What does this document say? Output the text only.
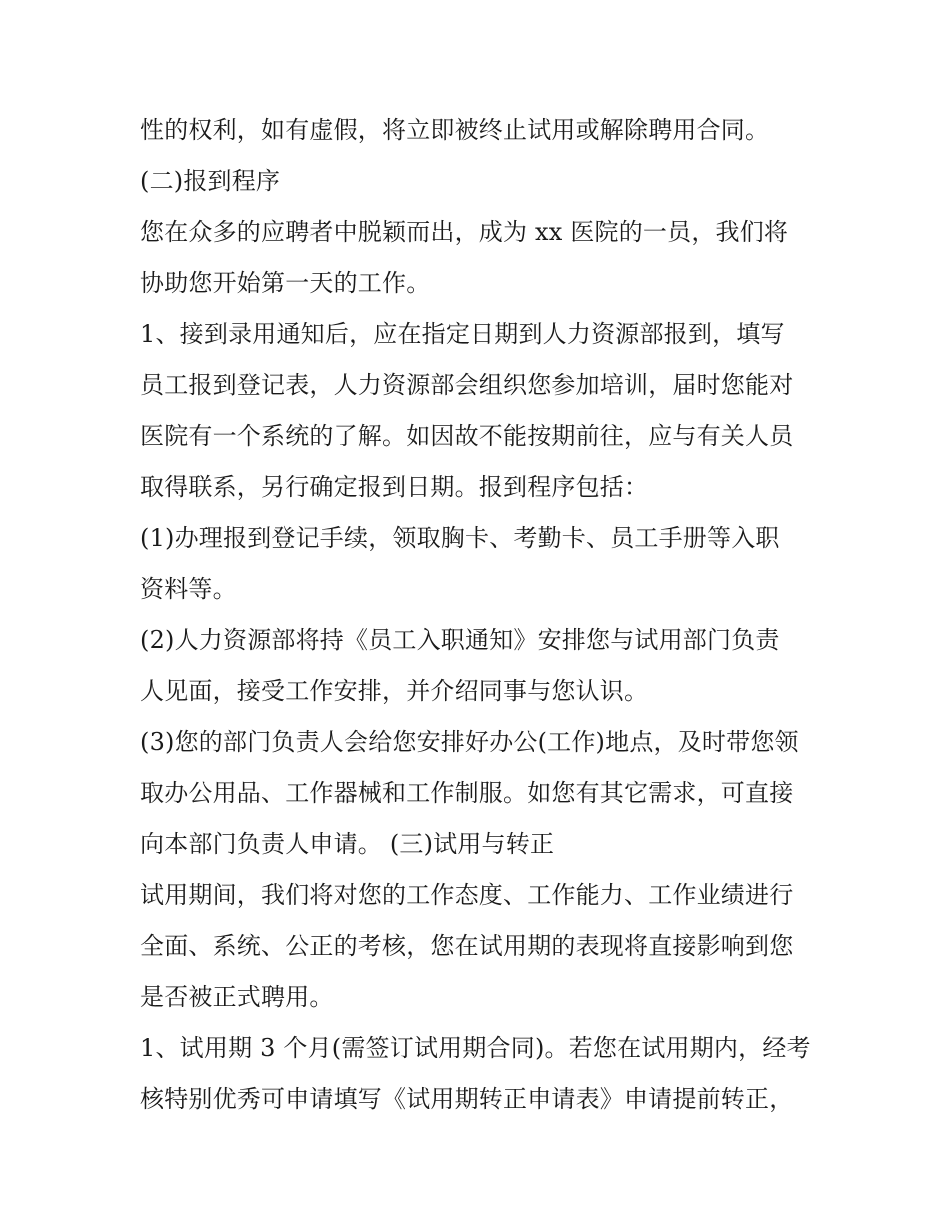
性的权利，如有虚假，将立即被终止试用或解除聘用合同。
(二)报到程序
您在众多的应聘者中脱颖而出，成为 xx 医院的一员，我们将
协助您开始第一天的工作。
1、接到录用通知后，应在指定日期到人力资源部报到，填写
员工报到登记表，人力资源部会组织您参加培训，届时您能对
医院有一个系统的了解。如因故不能按期前往，应与有关人员
取得联系，另行确定报到日期。报到程序包括：
(1)办理报到登记手续，领取胸卡、考勤卡、员工手册等入职
资料等。
(2)人力资源部将持《员工入职通知》安排您与试用部门负责
人见面，接受工作安排，并介绍同事与您认识。
(3)您的部门负责人会给您安排好办公(工作)地点，及时带您领
取办公用品、工作器械和工作制服。如您有其它需求，可直接
向本部门负责人申请。 (三)试用与转正
试用期间，我们将对您的工作态度、工作能力、工作业绩进行
全面、系统、公正的考核，您在试用期的表现将直接影响到您
是否被正式聘用。
1、试用期 3 个月(需签订试用期合同)。若您在试用期内，经考
核特别优秀可申请填写《试用期转正申请表》申请提前转正，
